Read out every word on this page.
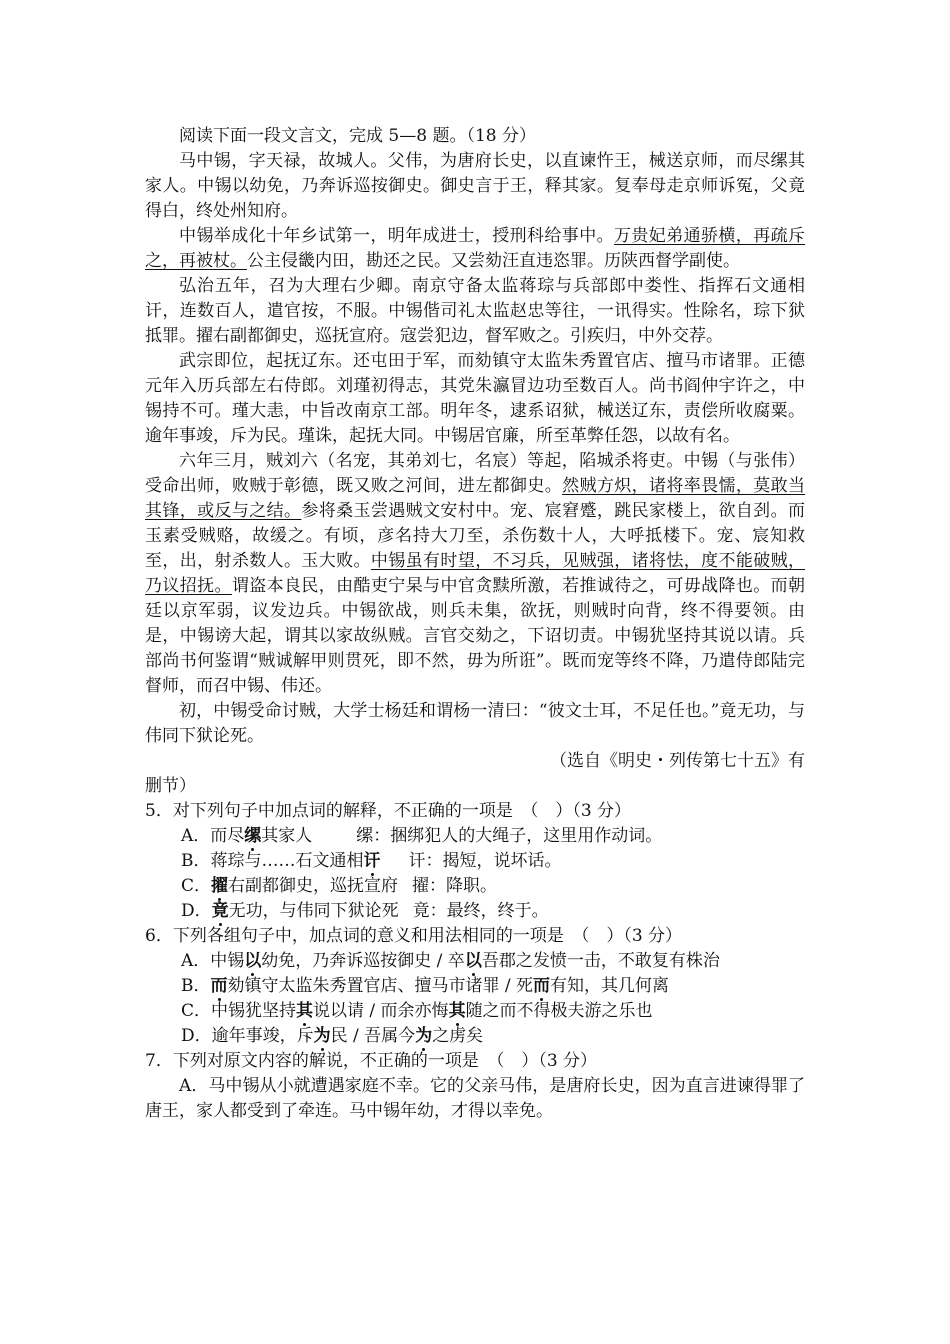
阅读下面一段文言文，完成 5—8 题。（18 分）

马中锡，字天禄，故城人。父伟，为唐府长史，以直谏忤王，械送京师，而尽缧其家人。中锡以幼免，乃奔诉巡按御史。御史言于王，释其家。复奉母走京师诉冤，父竟得白，终处州知府。

中锡举成化十年乡试第一，明年成进士，授刑科给事中。万贵妃弟通骄横，再疏斥之，再被杖。公主侵畿内田，勘还之民。又尝劾汪直违恣罪。历陕西督学副使。

弘治五年，召为大理右少卿。南京守备太监蒋琮与兵部郎中娄性、指挥石文通相讦，连数百人，遣官按，不服。中锡偕司礼太监赵忠等往，一讯得实。性除名，琮下狱抵罪。擢右副都御史，巡抚宣府。寇尝犯边，督军败之。引疾归，中外交荐。

武宗即位，起抚辽东。还屯田于军，而劾镇守太监朱秀置官店、擅马市诸罪。正德元年入历兵部左右侍郎。刘瑾初得志，其党朱瀛冒边功至数百人。尚书阎仲宇许之，中锡持不可。瑾大恚，中旨改南京工部。明年冬，逮系诏狱，械送辽东，责偿所收腐粟。逾年事竣，斥为民。瑾诛，起抚大同。中锡居官廉，所至革弊任怨，以故有名。

六年三月，贼刘六（名宠，其弟刘七，名宸）等起，陷城杀将吏。中锡（与张伟）受命出师，败贼于彰德，既又败之河间，进左都御史。然贼方炽，诸将率畏懦，莫敢当其锋，或反与之结。参将桑玉尝遇贼文安村中。宠、宸窘蹙，跳民家楼上，欲自刭。而玉素受贼赂，故缓之。有顷，彦名持大刀至，杀伤数十人，大呼抵楼下。宠、宸知救至，出，射杀数人。玉大败。中锡虽有时望，不习兵，见贼强，诸将怯，度不能破贼，乃议招抚。谓盗本良民，由酷吏宁杲与中官贪黩所激，若推诚待之，可毋战降也。而朝廷以京军弱，议发边兵。中锡欲战，则兵未集，欲抚，则贼时向背，终不得要领。由是，中锡谤大起，谓其以家故纵贼。言官交劾之，下诏切责。中锡犹坚持其说以请。兵部尚书何鉴谓“贼诚解甲则贯死，即不然，毋为所诳”。既而宠等终不降，乃遣侍郎陆完督师，而召中锡、伟还。

初，中锡受命讨贼，大学士杨廷和谓杨一清曰：“彼文士耳，不足任也。”竟无功，与伟同下狱论死。

（选自《明史・列传第七十五》有

删节）

5．对下列句子中加点词的解释，不正确的一项是　（　）（3 分）

A．而尽缧其家人	缧：捆绑犯人的大绳子，这里用作动词。

B．蒋琮与……石文通相讦 讦：揭短，说坏话。

C．擢右副都御史，巡抚宣府 擢：降职。

D．竟无功，与伟同下狱论死 竟：最终，终于。

6．下列各组句子中，加点词的意义和用法相同的一项是　（　）（3 分）

A．中锡以幼免，乃奔诉巡按御史 / 卒以吾郡之发愤一击，不敢复有株治

B．而劾镇守太监朱秀置官店、擅马市诸罪 / 死而有知，其几何离

C．中锡犹坚持其说以请 / 而余亦悔其随之而不得极夫游之乐也

D．逾年事竣，斥为民 / 吾属今为之虏矣

7．下列对原文内容的解说，不正确的一项是　（　）（3 分）

A．马中锡从小就遭遇家庭不幸。它的父亲马伟，是唐府长史，因为直言进谏得罪了唐王，家人都受到了牵连。马中锡年幼，才得以幸免。
